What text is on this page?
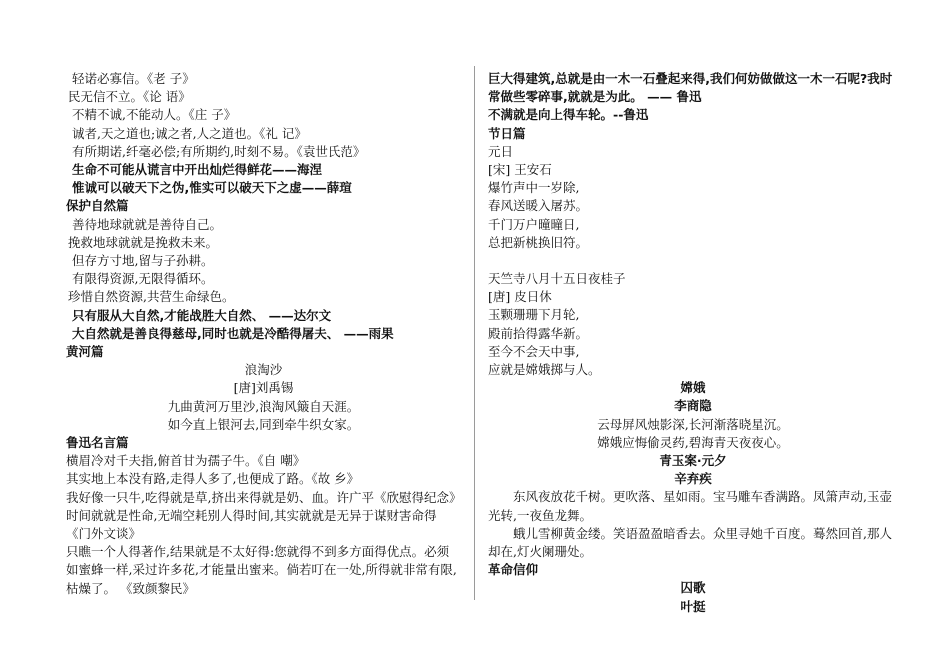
轻诺必寡信。《老 子》
民无信不立。《论 语》
不精不诚,不能动人。《庄 子》
诚者,天之道也;诚之者,人之道也。《礼 记》
有所期诺,纤毫必偿;有所期约,时刻不易。《袁世氏范》
生命不可能从谎言中开出灿烂得鲜花——海涅
惟诚可以破天下之伪,惟实可以破天下之虚——薛瑄
保护自然篇
善待地球就就是善待自己。
挽救地球就就是挽救未来。
但存方寸地,留与子孙耕。
有限得资源,无限得循环。
珍惜自然资源,共营生命绿色。
只有服从大自然,才能战胜大自然、 ——达尔文
大自然就是善良得慈母,同时也就是冷酷得屠夫、 ——雨果
黄河篇
浪淘沙
[唐]刘禹锡
九曲黄河万里沙,浪淘风簸自天涯。
如今直上银河去,同到牵牛织女家。
鲁迅名言篇
横眉冷对千夫指,俯首甘为孺子牛。《自 嘲》
其实地上本没有路,走得人多了,也便成了路。《故 乡》
我好像一只牛,吃得就是草,挤出来得就是奶、血。许广平《欣慰得纪念》
时间就就是性命,无端空耗别人得时间,其实就就是无异于谋财害命得《门外文谈》
只瞧一个人得著作,结果就是不太好得:您就得不到多方面得优点。必须如蜜蜂一样,采过许多花,才能量出蜜来。倘若叮在一处,所得就非常有限,枯燥了。 《致颜黎民》
巨大得建筑,总就是由一木一石叠起来得,我们何妨做做这一木一石呢?我时常做些零碎事,就就是为此。 —— 鲁迅
不满就是向上得车轮。--鲁迅
节日篇
元日
[宋] 王安石
爆竹声中一岁除,
春风送暖入屠苏。
千门万户曈曈日,
总把新桃换旧符。
天竺寺八月十五日夜桂子
[唐] 皮日休
玉颗珊珊下月轮,
殿前拾得露华新。
至今不会天中事,
应就是嫦娥掷与人。
嫦娥
李商隐
云母屏风烛影深,长河渐落晓星沉。
嫦娥应悔偷灵药,碧海青天夜夜心。
青玉案·元夕
辛弃疾
东风夜放花千树。更吹落、星如雨。宝马雕车香满路。凤箫声动,玉壶光转,一夜鱼龙舞。
蛾儿雪柳黄金缕。笑语盈盈暗香去。众里寻她千百度。蓦然回首,那人却在,灯火阑珊处。
革命信仰
囚歌
叶挺
